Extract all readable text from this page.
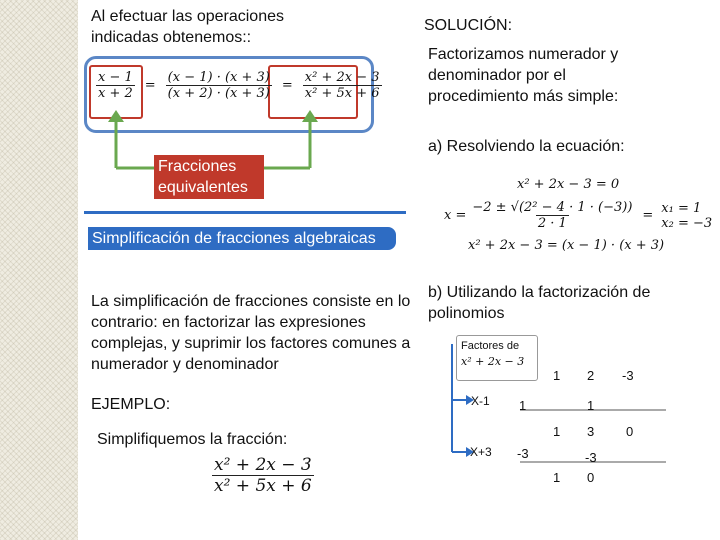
Al efectuar las operaciones indicadas obtenemos::
$\frac{x - 1}{x + 2} = \frac{(x - 1) \cdot (x + 3)}{(x + 2) \cdot (x + 3)} = \frac{\text{x² + 2x − 3}}{\text{x² + 5x + 6}}$
Fracciones equivalentes
Simplificación de fracciones algebraicas
La simplificación de fracciones consiste en lo contrario: en factorizar las expresiones complejas, y suprimir los factores comunes a numerador y denominador
EJEMPLO:
Simplifiquemos la fracción:
$\frac{\text{x² + 2x − 3}}{\text{x² + 5x + 6}}$
SOLUCIÓN:
Factorizamos numerador y denominador por el procedimiento más simple:
a) Resolviendo la ecuación:
x² + 2x − 3 = 0
$x = \frac{\text{−2 ± √(2² − 4 · 1 · (−3))}}{2 \cdot 1} = x_1 = 1$
x₂ = −3
x² + 2x − 3 = (x − 1) · (x + 3)
b) Utilizando la factorización de polinomios
Factores de
x² + 2x − 3
1 2 -3
X-1 1	1
1 3 0
X+3 -3	-3
1 0
